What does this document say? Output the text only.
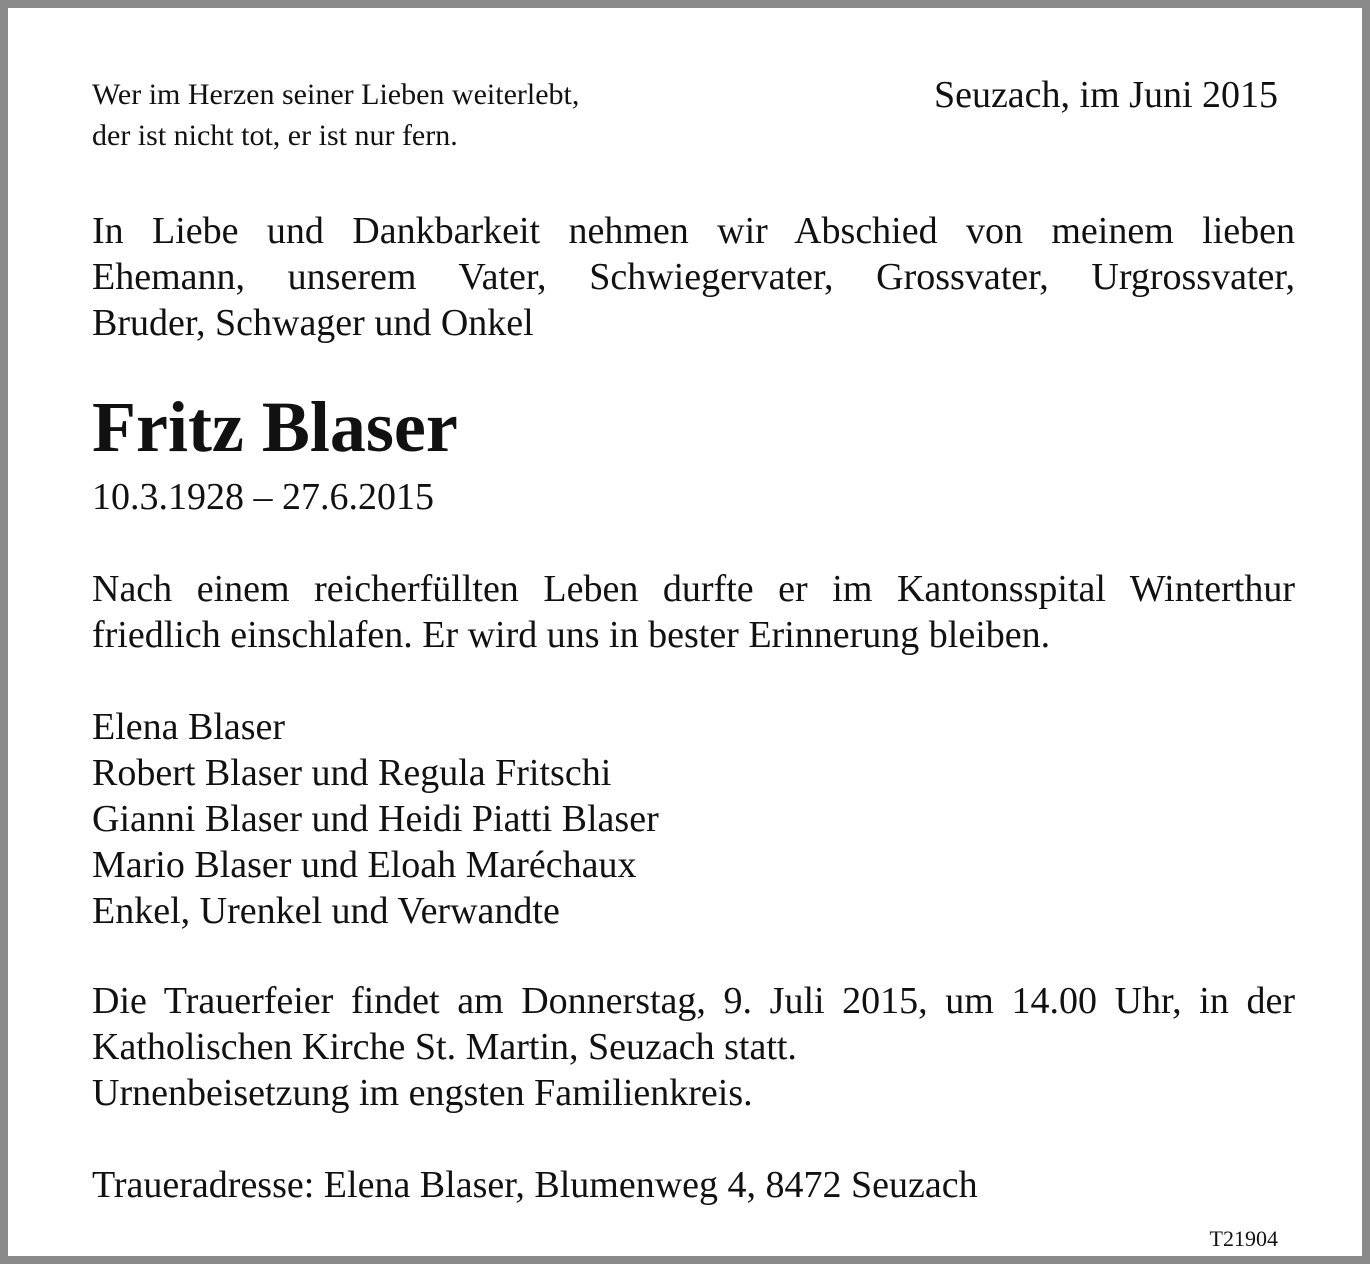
Wer im Herzen seiner Lieben weiterlebt,
der ist nicht tot, er ist nur fern.
Seuzach, im Juni 2015
In Liebe und Dankbarkeit nehmen wir Abschied von meinem lieben
Ehemann, unserem Vater, Schwiegervater, Grossvater, Urgrossvater,
Bruder, Schwager und Onkel
Fritz Blaser
10.3.1928 – 27.6.2015
Nach einem reicherfüllten Leben durfte er im Kantonsspital Winterthur
friedlich einschlafen. Er wird uns in bester Erinnerung bleiben.
Elena Blaser
Robert Blaser und Regula Fritschi
Gianni Blaser und Heidi Piatti Blaser
Mario Blaser und Eloah Maréchaux
Enkel, Urenkel und Verwandte
Die Trauerfeier findet am Donnerstag, 9. Juli 2015, um 14.00 Uhr, in der
Katholischen Kirche St. Martin, Seuzach statt.
Urnenbeisetzung im engsten Familienkreis.
Traueradresse: Elena Blaser, Blumenweg 4, 8472 Seuzach
T21904
